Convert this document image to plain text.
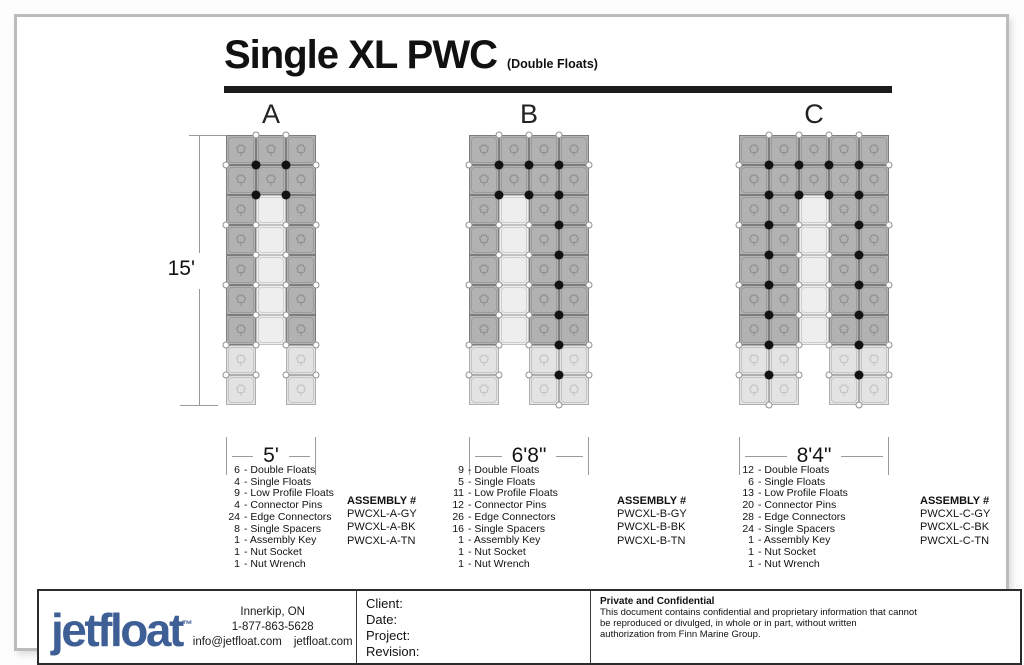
Single XL PWC (Double Floats)
A
5'
6 - Double Floats
4 - Single Floats
9 - Low Profile Floats
4 - Connector Pins
24 - Edge Connectors
8 - Single Spacers
1 - Assembly Key
1 - Nut Socket
1 - Nut Wrench
ASSEMBLY #
PWCXL-A-GY
PWCXL-A-BK
PWCXL-A-TN
B
6'8"
9 - Double Floats
5 - Single Floats
11 - Low Profile Floats
12 - Connector Pins
26 - Edge Connectors
16 - Single Spacers
1 - Assembly Key
1 - Nut Socket
1 - Nut Wrench
ASSEMBLY #
PWCXL-B-GY
PWCXL-B-BK
PWCXL-B-TN
C
8'4"
12 - Double Floats
6 - Single Floats
13 - Low Profile Floats
20 - Connector Pins
28 - Edge Connectors
24 - Single Spacers
1 - Assembly Key
1 - Nut Socket
1 - Nut Wrench
ASSEMBLY #
PWCXL-C-GY
PWCXL-C-BK
PWCXL-C-TN
15'
jetfloat™
Innerkip, ON
1-877-863-5628
info@jetfloat.com jetfloat.com
Client:
Date:
Project:
Revision:
Private and Confidential
This document contains confidential and proprietary information that cannot
be reproduced or divulged, in whole or in part, without written
authorization from Finn Marine Group.
